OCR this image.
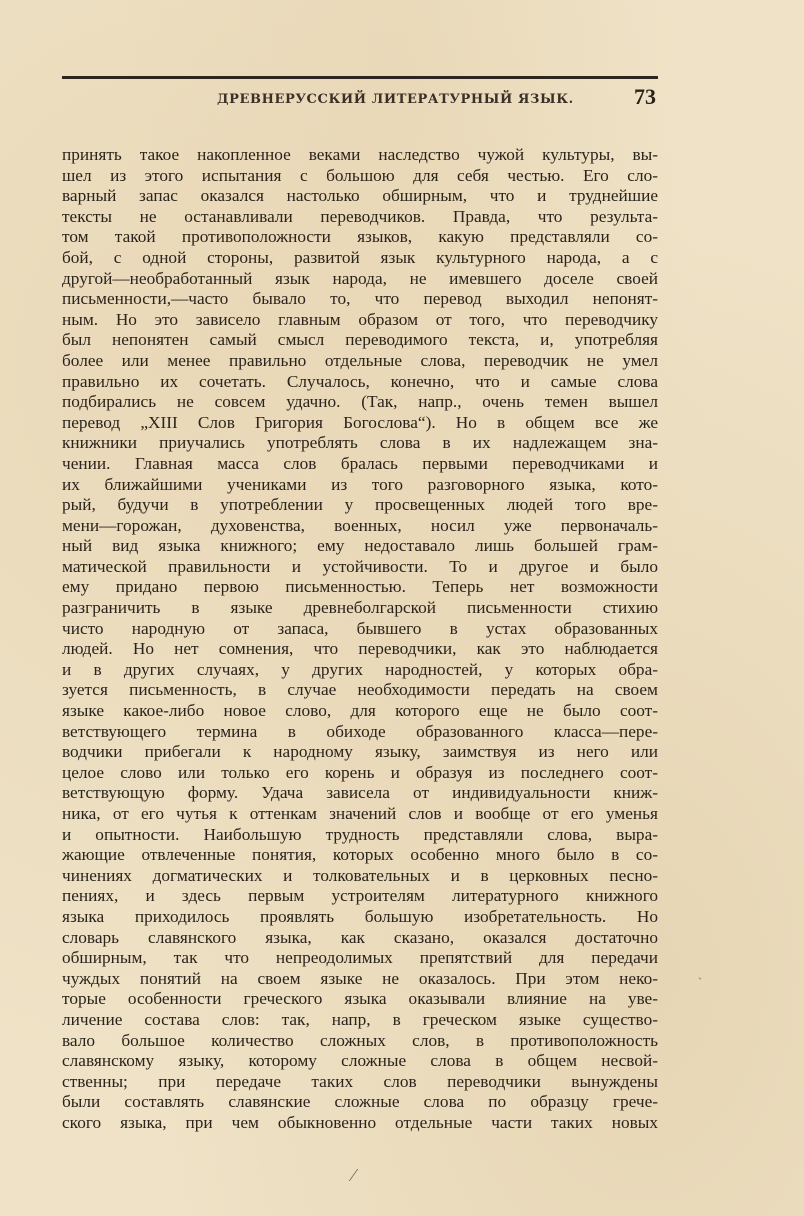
ДРЕВНЕРУССКИЙ ЛИТЕРАТУРНЫЙ ЯЗЫК.	73
принять такое накопленное веками наследство чужой культуры, вы-
шел из этого испытания с большою для себя честью. Его сло-
варный запас оказался настолько обширным, что и труднейшие
тексты не останавливали переводчиков. Правда, что результа-
том такой противоположности языков, какую представляли со-
бой, с одной стороны, развитой язык культурного народа, а с
другой—необработанный язык народа, не имевшего доселе своей
письменности,—часто бывало то, что перевод выходил непонят-
ным. Но это зависело главным образом от того, что переводчику
был непонятен самый смысл переводимого текста, и, употребляя
более или менее правильно отдельные слова, переводчик не умел
правильно их сочетать. Случалось, конечно, что и самые слова
подбирались не совсем удачно. (Так, напр., очень темен вышел
перевод „XIII Слов Григория Богослова“). Но в общем все же
книжники приучались употреблять слова в их надлежащем зна-
чении. Главная масса слов бралась первыми переводчиками и
их ближайшими учениками из того разговорного языка, кото-
рый, будучи в употреблении у просвещенных людей того вре-
мени—горожан, духовенства, военных, носил уже первоначаль-
ный вид языка книжного; ему недоставало лишь большей грам-
матической правильности и устойчивости. То и другое и было
ему придано первою письменностью. Теперь нет возможности
разграничить в языке древнеболгарской письменности стихию
чисто народную от запаса, бывшего в устах образованных
людей. Но нет сомнения, что переводчики, как это наблюдается
и в других случаях, у других народностей, у которых обра-
зуется письменность, в случае необходимости передать на своем
языке какое-либо новое слово, для которого еще не было соот-
ветствующего термина в обиходе образованного класса—пере-
водчики прибегали к народному языку, заимствуя из него или
целое слово или только его корень и образуя из последнего соот-
ветствующую форму. Удача зависела от индивидуальности книж-
ника, от его чутья к оттенкам значений слов и вообще от его уменья
и опытности. Наибольшую трудность представляли слова, выра-
жающие отвлеченные понятия, которых особенно много было в со-
чинениях догматических и толковательных и в церковных песно-
пениях, и здесь первым устроителям литературного книжного
языка приходилось проявлять большую изобретательность. Но
словарь славянского языка, как сказано, оказался достаточно
обширным, так что непреодолимых препятствий для передачи
чуждых понятий на своем языке не оказалось. При этом неко-
торые особенности греческого языка оказывали влияние на уве-
личение состава слов: так, напр, в греческом языке существо-
вало большое количество сложных слов, в противоположность
славянскому языку, которому сложные слова в общем несвой-
ственны; при передаче таких слов переводчики вынуждены
были составлять славянские сложные слова по образцу грече-
ского языка, при чем обыкновенно отдельные части таких новых
⁄
ˎ
